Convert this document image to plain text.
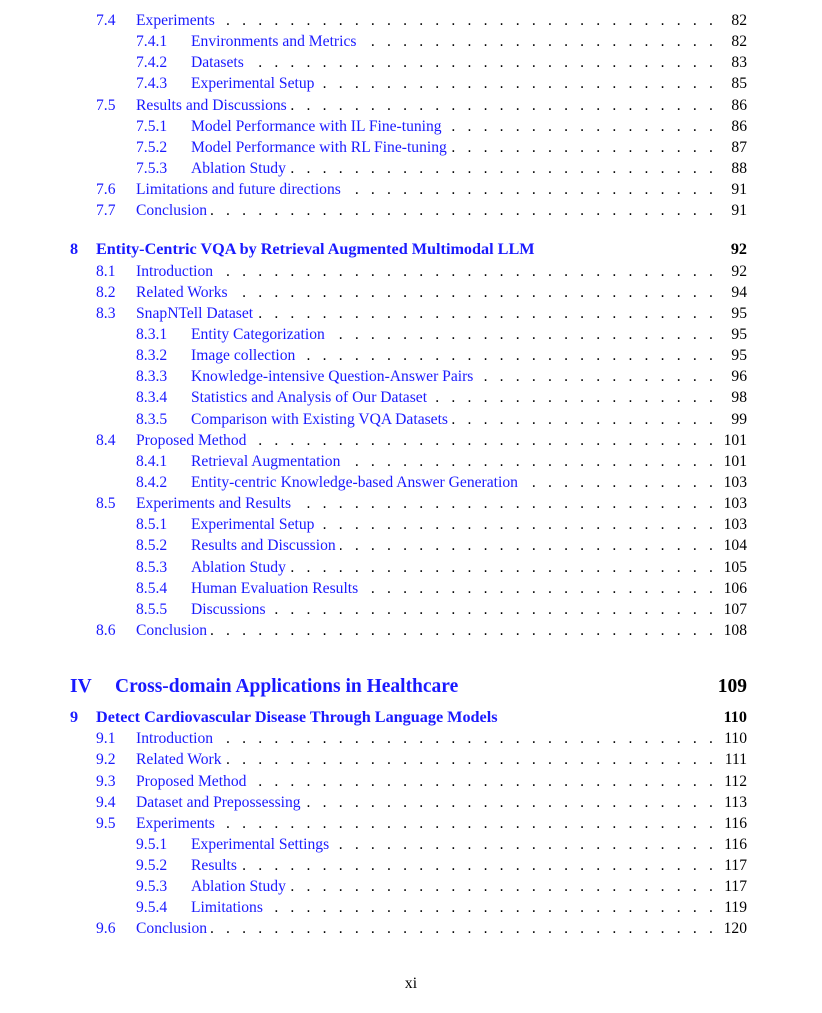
7.4 Experiments . . .	82
7.4.1 Environments and Metrics . . .	82
7.4.2 Datasets . . .	83
7.4.3 Experimental Setup . . .	85
7.5 Results and Discussions . . .	86
7.5.1 Model Performance with IL Fine-tuning . . .	86
7.5.2 Model Performance with RL Fine-tuning . . .	87
7.5.3 Ablation Study . . .	88
7.6 Limitations and future directions . . .	91
7.7 Conclusion . . .	91
8 Entity-Centric VQA by Retrieval Augmented Multimodal LLM	92
8.1 Introduction . . .	92
8.2 Related Works . . .	94
8.3 SnapNTell Dataset . . .	95
8.3.1 Entity Categorization . . .	95
8.3.2 Image collection . . .	95
8.3.3 Knowledge-intensive Question-Answer Pairs . . .	96
8.3.4 Statistics and Analysis of Our Dataset . . .	98
8.3.5 Comparison with Existing VQA Datasets . . .	99
8.4 Proposed Method . . .	101
8.4.1 Retrieval Augmentation . . .	101
8.4.2 Entity-centric Knowledge-based Answer Generation . . .	103
8.5 Experiments and Results . . .	103
8.5.1 Experimental Setup . . .	103
8.5.2 Results and Discussion . . .	104
8.5.3 Ablation Study . . .	105
8.5.4 Human Evaluation Results . . .	106
8.5.5 Discussions . . .	107
8.6 Conclusion . . .	108
IV Cross-domain Applications in Healthcare	109
9 Detect Cardiovascular Disease Through Language Models	110
9.1 Introduction . . .	110
9.2 Related Work . . .	111
9.3 Proposed Method . . .	112
9.4 Dataset and Prepossessing . . .	113
9.5 Experiments . . .	116
9.5.1 Experimental Settings . . .	116
9.5.2 Results . . .	117
9.5.3 Ablation Study . . .	117
9.5.4 Limitations . . .	119
9.6 Conclusion . . .	120
xi
